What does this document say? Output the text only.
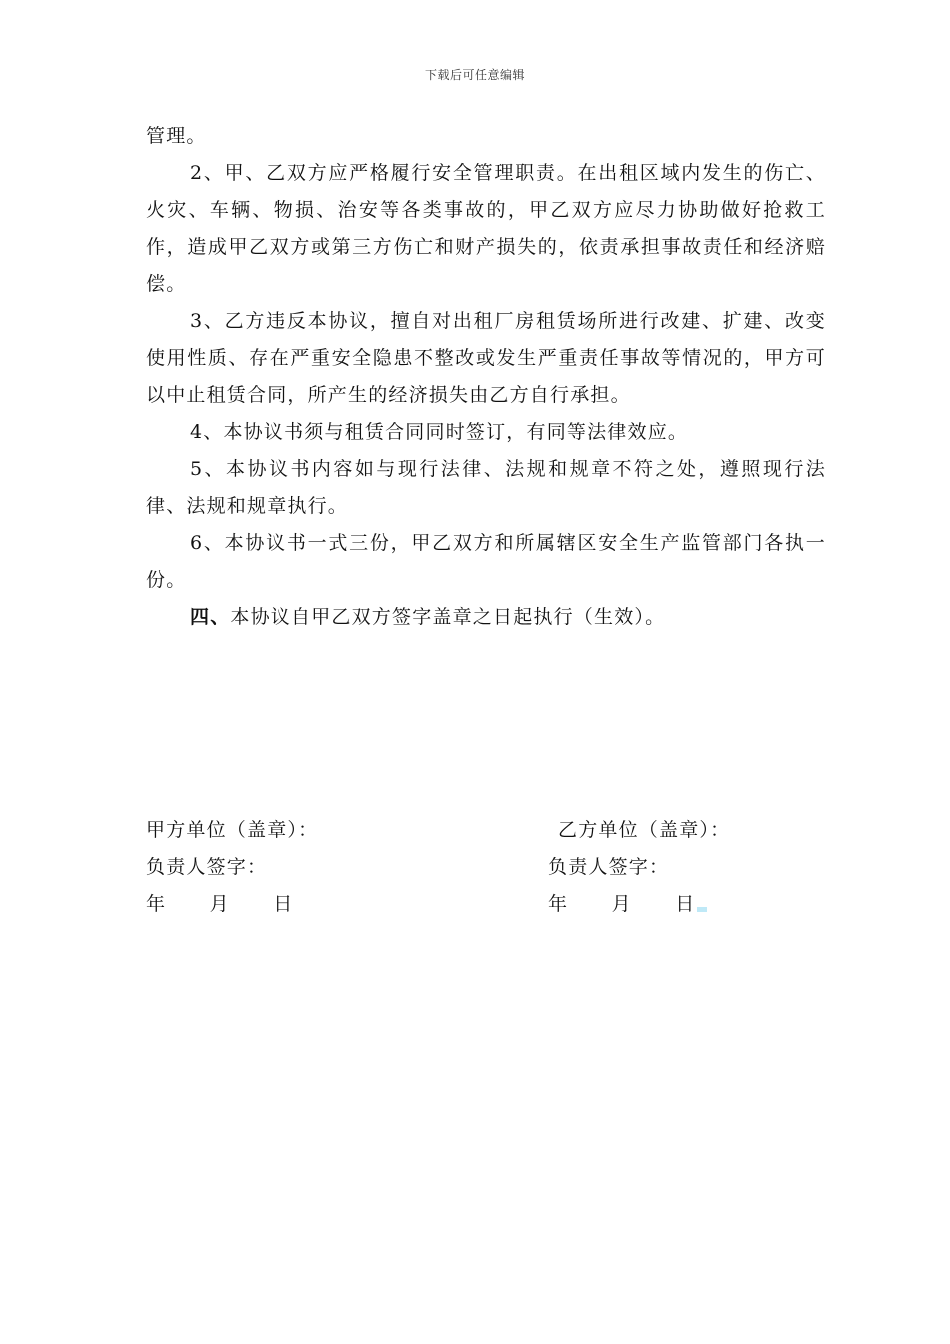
下载后可任意编辑

管理。

2、甲、乙双方应严格履行安全管理职责。在出租区域内发生的伤亡、火灾、车辆、物损、治安等各类事故的，甲乙双方应尽力协助做好抢救工作，造成甲乙双方或第三方伤亡和财产损失的，依责承担事故责任和经济赔偿。

3、乙方违反本协议，擅自对出租厂房租赁场所进行改建、扩建、改变使用性质、存在严重安全隐患不整改或发生严重责任事故等情况的，甲方可以中止租赁合同，所产生的经济损失由乙方自行承担。

4、本协议书须与租赁合同同时签订，有同等法律效应。

5、本协议书内容如与现行法律、法规和规章不符之处，遵照现行法律、法规和规章执行。

6、本协议书一式三份，甲乙双方和所属辖区安全生产监管部门各执一份。

四、本协议自甲乙双方签字盖章之日起执行（生效）。

甲方单位（盖章）：
负责人签字：
年      月      日
乙方单位（盖章）：
负责人签字：
年      月      日
